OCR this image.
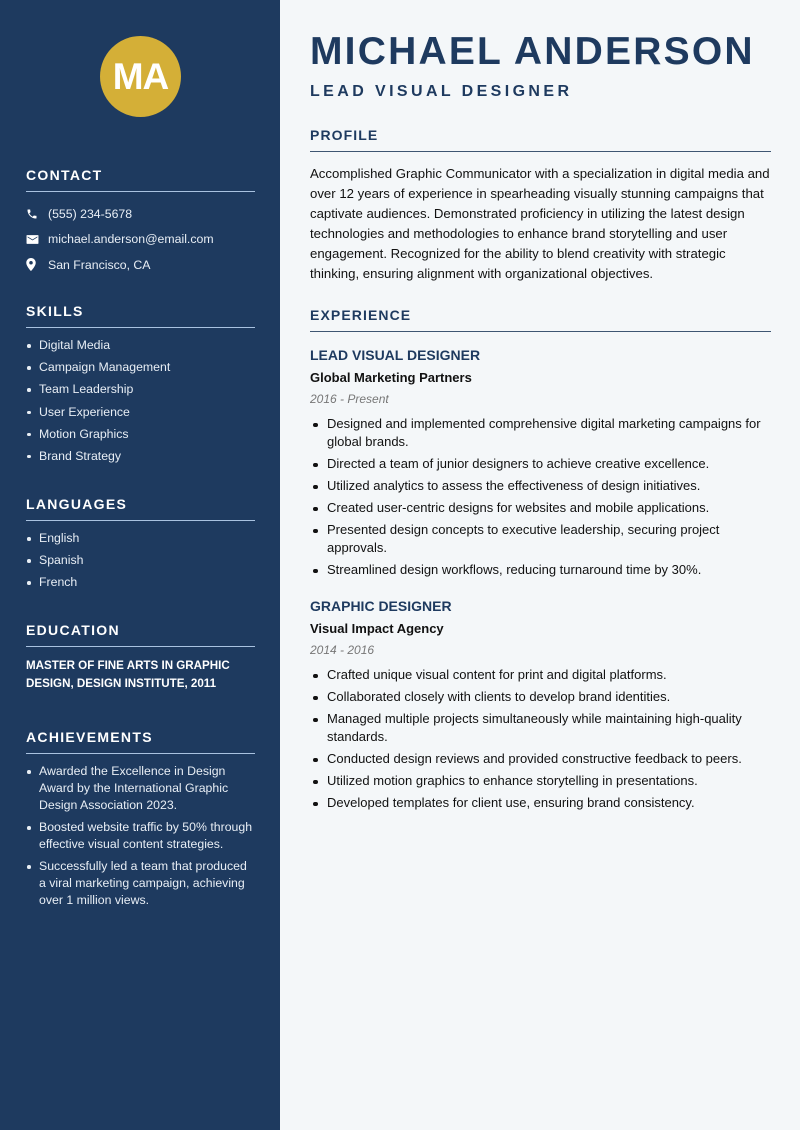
MA
CONTACT
(555) 234-5678
michael.anderson@email.com
San Francisco, CA
SKILLS
Digital Media
Campaign Management
Team Leadership
User Experience
Motion Graphics
Brand Strategy
LANGUAGES
English
Spanish
French
EDUCATION

MASTER OF FINE ARTS IN GRAPHIC DESIGN, DESIGN INSTITUTE, 2011

ACHIEVEMENTS
Awarded the Excellence in Design Award by the International Graphic Design Association 2023.
Boosted website traffic by 50% through effective visual content strategies.
Successfully led a team that produced a viral marketing campaign, achieving over 1 million views.
MICHAEL ANDERSON
LEAD VISUAL DESIGNER
PROFILE

Accomplished Graphic Communicator with a specialization in digital media and over 12 years of experience in spearheading visually stunning campaigns that captivate audiences. Demonstrated proficiency in utilizing the latest design technologies and methodologies to enhance brand storytelling and user engagement. Recognized for the ability to blend creativity with strategic thinking, ensuring alignment with organizational objectives.

EXPERIENCE
LEAD VISUAL DESIGNER
Global Marketing Partners
2016 - Present
Designed and implemented comprehensive digital marketing campaigns for global brands.
Directed a team of junior designers to achieve creative excellence.
Utilized analytics to assess the effectiveness of design initiatives.
Created user-centric designs for websites and mobile applications.
Presented design concepts to executive leadership, securing project approvals.
Streamlined design workflows, reducing turnaround time by 30%.
GRAPHIC DESIGNER
Visual Impact Agency
2014 - 2016
Crafted unique visual content for print and digital platforms.
Collaborated closely with clients to develop brand identities.
Managed multiple projects simultaneously while maintaining high-quality standards.
Conducted design reviews and provided constructive feedback to peers.
Utilized motion graphics to enhance storytelling in presentations.
Developed templates for client use, ensuring brand consistency.
